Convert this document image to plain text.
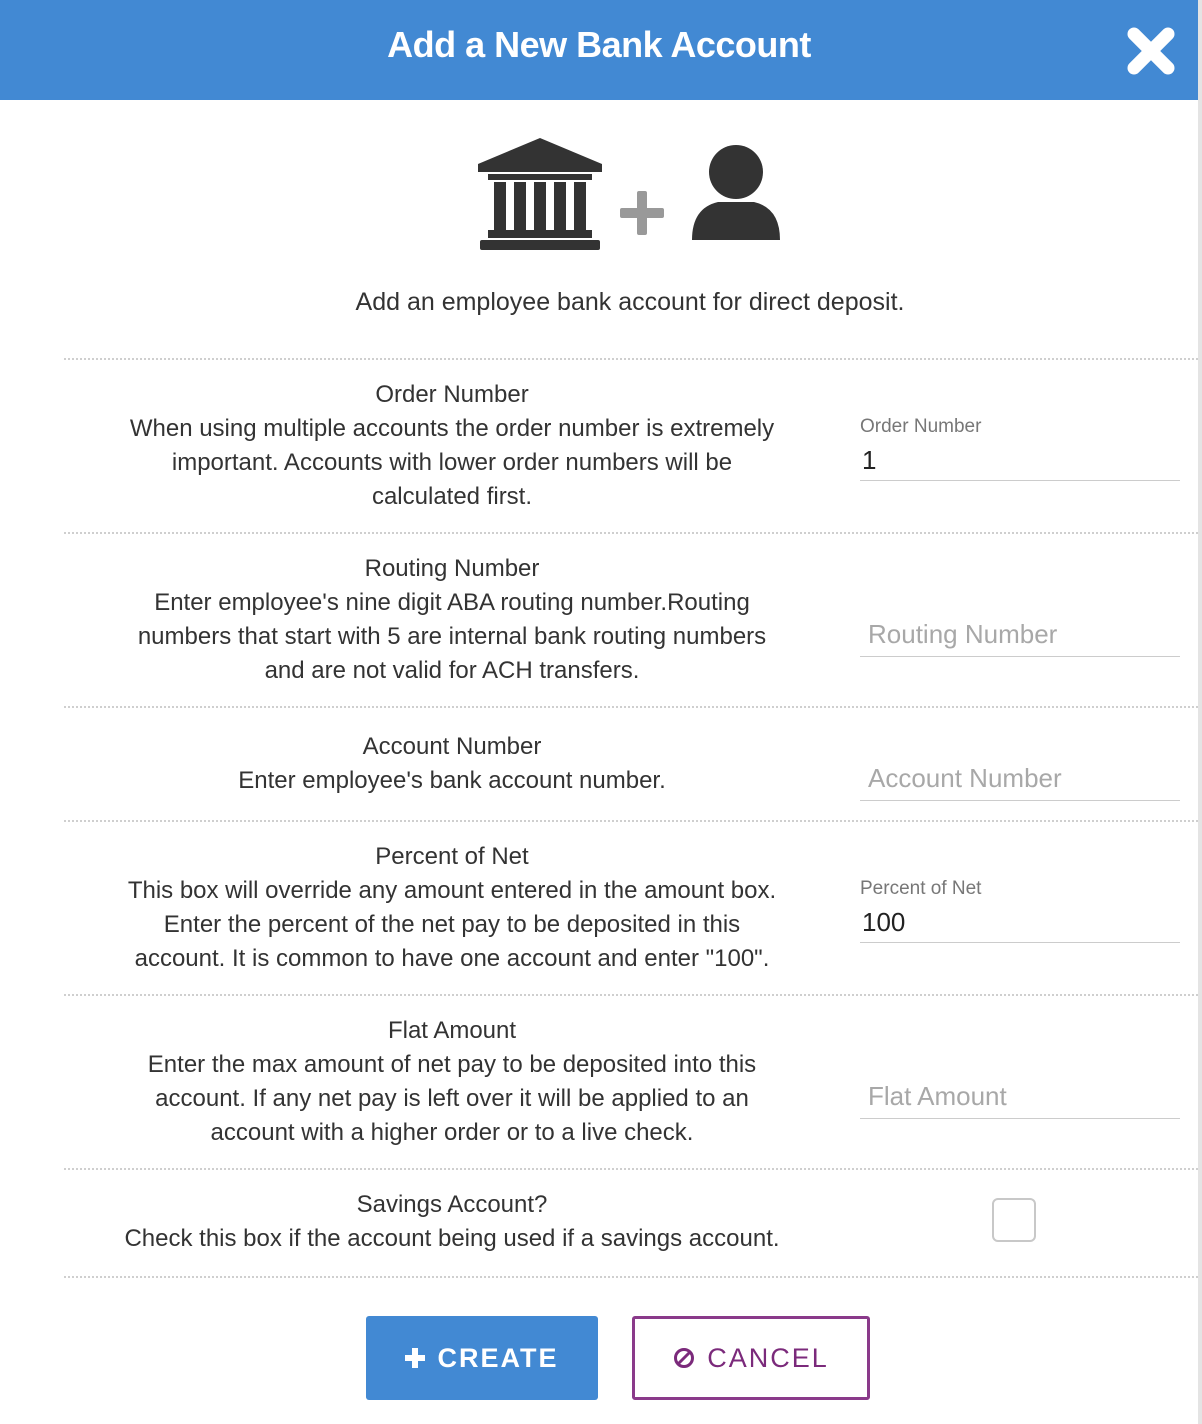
Add a New Bank Account
Add an employee bank account for direct deposit.
Order Number
When using multiple accounts the order number is extremely
important. Accounts with lower order numbers will be
calculated first.
Order Number
1
Routing Number
Enter employee's nine digit ABA routing number.Routing
numbers that start with 5 are internal bank routing numbers
and are not valid for ACH transfers.
Routing Number
Account Number
Enter employee's bank account number.
Account Number
Percent of Net
This box will override any amount entered in the amount box.
Enter the percent of the net pay to be deposited in this
account. It is common to have one account and enter "100".
Percent of Net
100
Flat Amount
Enter the max amount of net pay to be deposited into this
account. If any net pay is left over it will be applied to an
account with a higher order or to a live check.
Flat Amount
Savings Account?
Check this box if the account being used if a savings account.
CREATE	CANCEL
